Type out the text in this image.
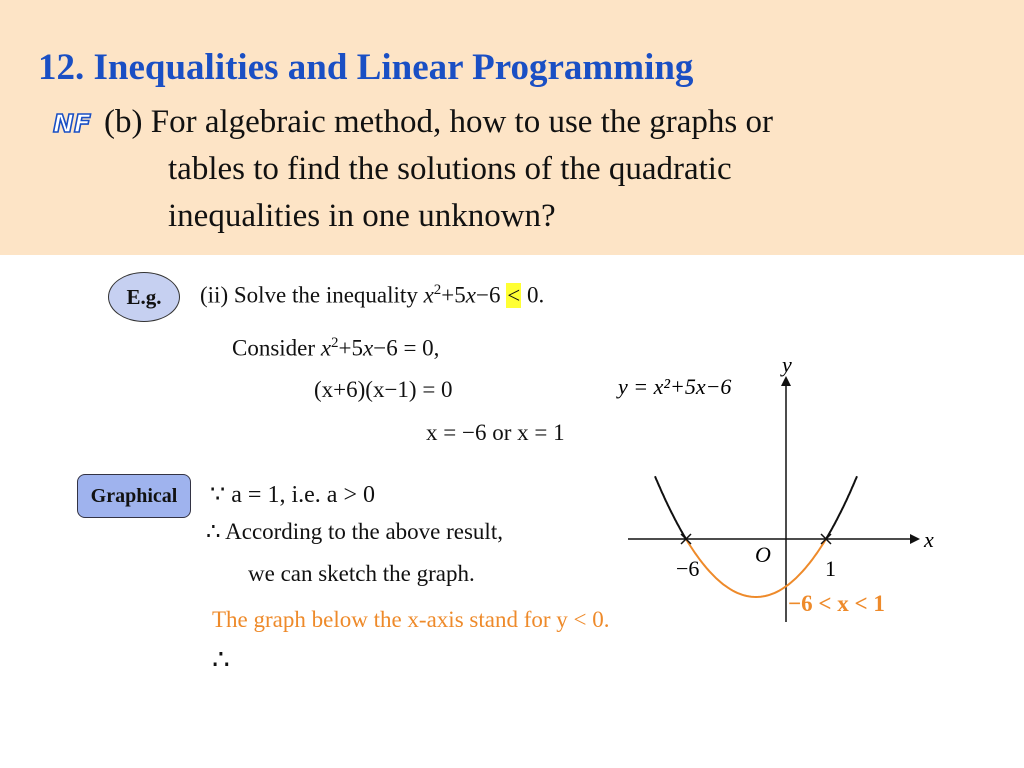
12. Inequalities and Linear Programming
NF (b) For algebraic method, how to use the graphs or
tables to find the solutions of the quadratic
inequalities in one unknown?
E.g.	(ii) Solve the inequality $x^2+5x-6 < 0$.
Consider $x^2+5x-6 = 0$,
(x+6)(x−1) = 0
x = −6 or x = 1
Graphical	∵ a = 1, i.e. a > 0
∴ According to the above result,
we can sketch the graph.
The graph below the x-axis stand for y < 0.
∴
−6 < x < 1
y
x
O
y = x²+5x−6
−6	1
